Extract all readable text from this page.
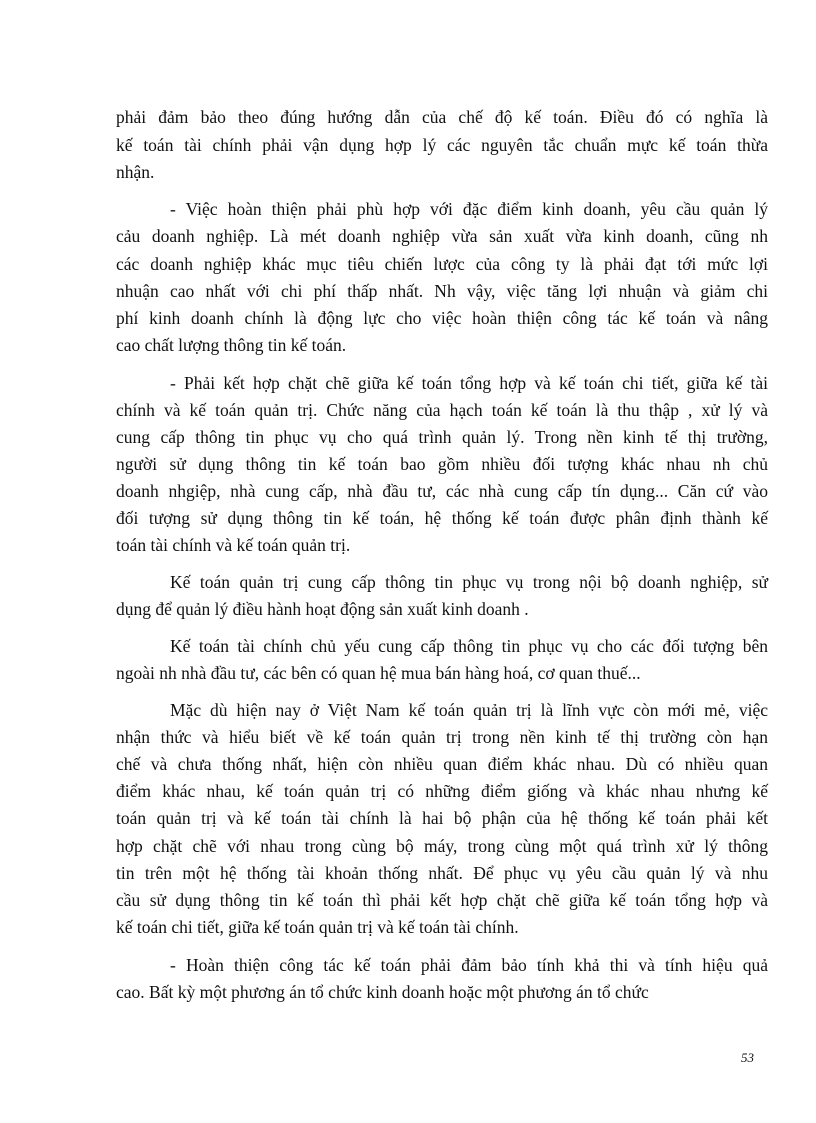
phải đảm bảo theo đúng hướng dẫn của chế độ kế toán. Điều đó có nghĩa là
kế toán tài chính phải vận dụng hợp lý các nguyên tắc chuẩn mực kế toán thừa
nhận.
- Việc hoàn thiện phải phù hợp với đặc điểm kinh doanh, yêu cầu quản lý
cảu doanh nghiệp. Là mét doanh nghiệp vừa sản xuất vừa kinh doanh, cũng nh
các doanh nghiệp khác mục tiêu chiến lược của công ty là phải đạt tới mức lợi
nhuận cao nhất với chi phí thấp nhất. Nh vậy, việc tăng lợi nhuận và giảm chi
phí kinh doanh chính là động lực cho việc hoàn thiện công tác kế toán và nâng
cao chất lượng thông tin kế toán.
- Phải kết hợp chặt chẽ giữa kế toán tổng hợp và kế toán chi tiết, giữa kế tài
chính và kế toán quản trị. Chức năng của hạch toán kế toán là thu thập , xử lý và
cung cấp thông tin phục vụ cho quá trình quản lý. Trong nền kinh tế thị trường,
người sử dụng thông tin kế toán bao gồm nhiều đối tượng khác nhau nh chủ
doanh nhgiệp, nhà cung cấp, nhà đầu tư, các nhà cung cấp tín dụng... Căn cứ vào
đối tượng sử dụng thông tin kế toán, hệ thống kế toán được phân định thành kế
toán tài chính và kế toán quản trị.
Kế toán quản trị cung cấp thông tin phục vụ trong nội bộ doanh nghiệp, sử
dụng để quản lý điều hành hoạt động sản xuất kinh doanh .
Kế toán tài chính chủ yếu cung cấp thông tin phục vụ cho các đối tượng bên
ngoài nh nhà đầu tư, các bên có quan hệ mua bán hàng hoá, cơ quan thuế...
Mặc dù hiện nay ở Việt Nam kế toán quản trị là lĩnh vực còn mới mẻ, việc
nhận thức và hiểu biết về kế toán quản trị trong nền kinh tế thị trường còn hạn
chế và chưa thống nhất, hiện còn nhiều quan điểm khác nhau. Dù có nhiều quan
điểm khác nhau, kế toán quản trị có những điểm giống và khác nhau nhưng kế
toán quản trị và kế toán tài chính là hai bộ phận của hệ thống kế toán phải kết
hợp chặt chẽ với nhau trong cùng bộ máy, trong cùng một quá trình xử lý thông
tin trên một hệ thống tài khoản thống nhất. Để phục vụ yêu cầu quản lý và nhu
cầu sử dụng thông tin kế toán thì phải kết hợp chặt chẽ giữa kế toán tổng hợp và
kế toán chi tiết, giữa kế toán quản trị và kế toán tài chính.
- Hoàn thiện công tác kế toán phải đảm bảo tính khả thi và tính hiệu quả
cao. Bất kỳ một phương án tổ chức kinh doanh hoặc một phương án tổ chức
53
